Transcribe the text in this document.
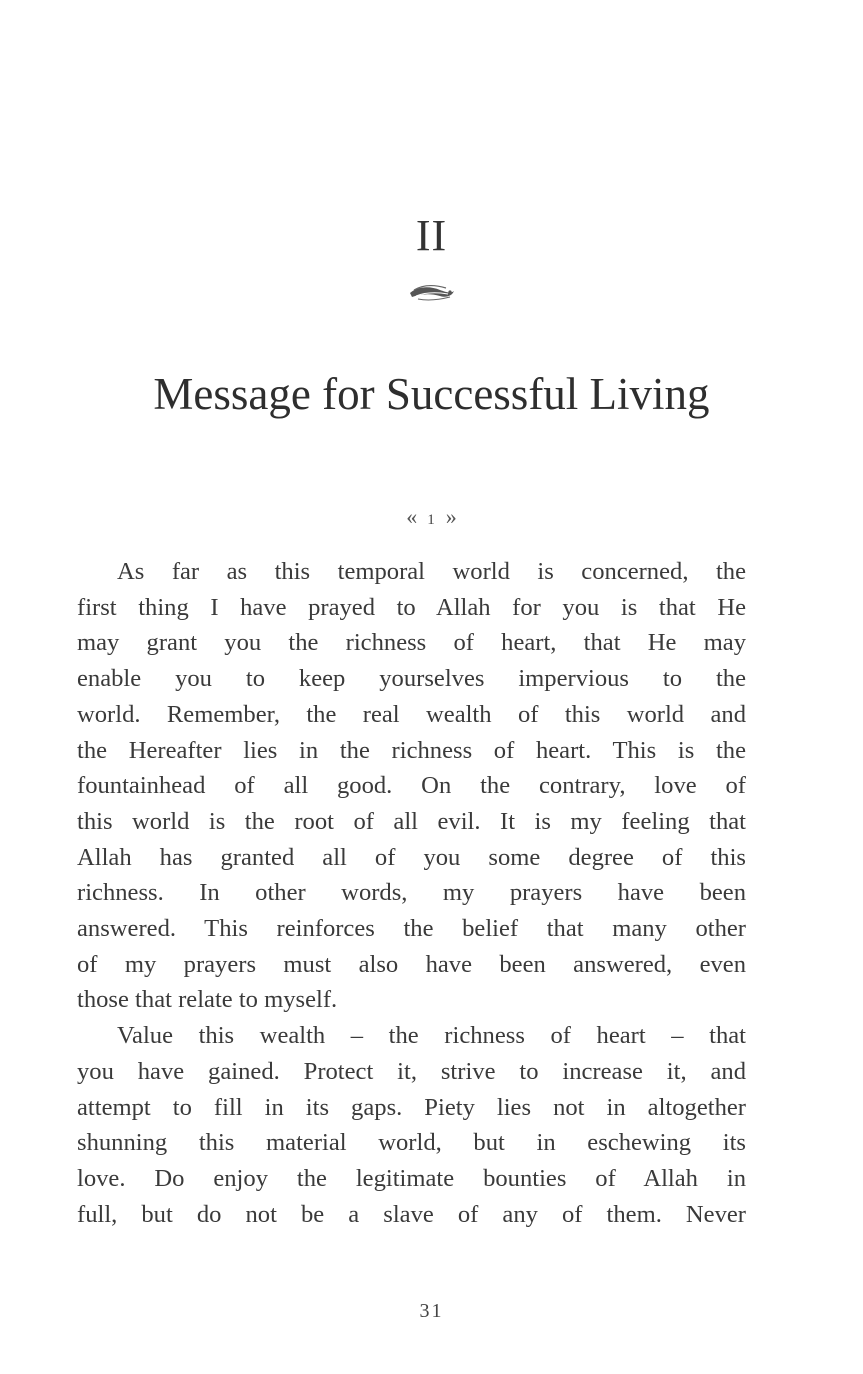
II
Message for Successful Living
« 1 »
As far as this temporal world is concerned, the
first thing I have prayed to Allah for you is that He
may grant you the richness of heart, that He may
enable you to keep yourselves impervious to the
world. Remember, the real wealth of this world and
the Hereafter lies in the richness of heart. This is the
fountainhead of all good. On the contrary, love of
this world is the root of all evil. It is my feeling that
Allah has granted all of you some degree of this
richness. In other words, my prayers have been
answered. This reinforces the belief that many other
of my prayers must also have been answered, even
those that relate to myself.
Value this wealth – the richness of heart – that
you have gained. Protect it, strive to increase it, and
attempt to fill in its gaps. Piety lies not in altogether
shunning this material world, but in eschewing its
love. Do enjoy the legitimate bounties of Allah in
full, but do not be a slave of any of them. Never
31
